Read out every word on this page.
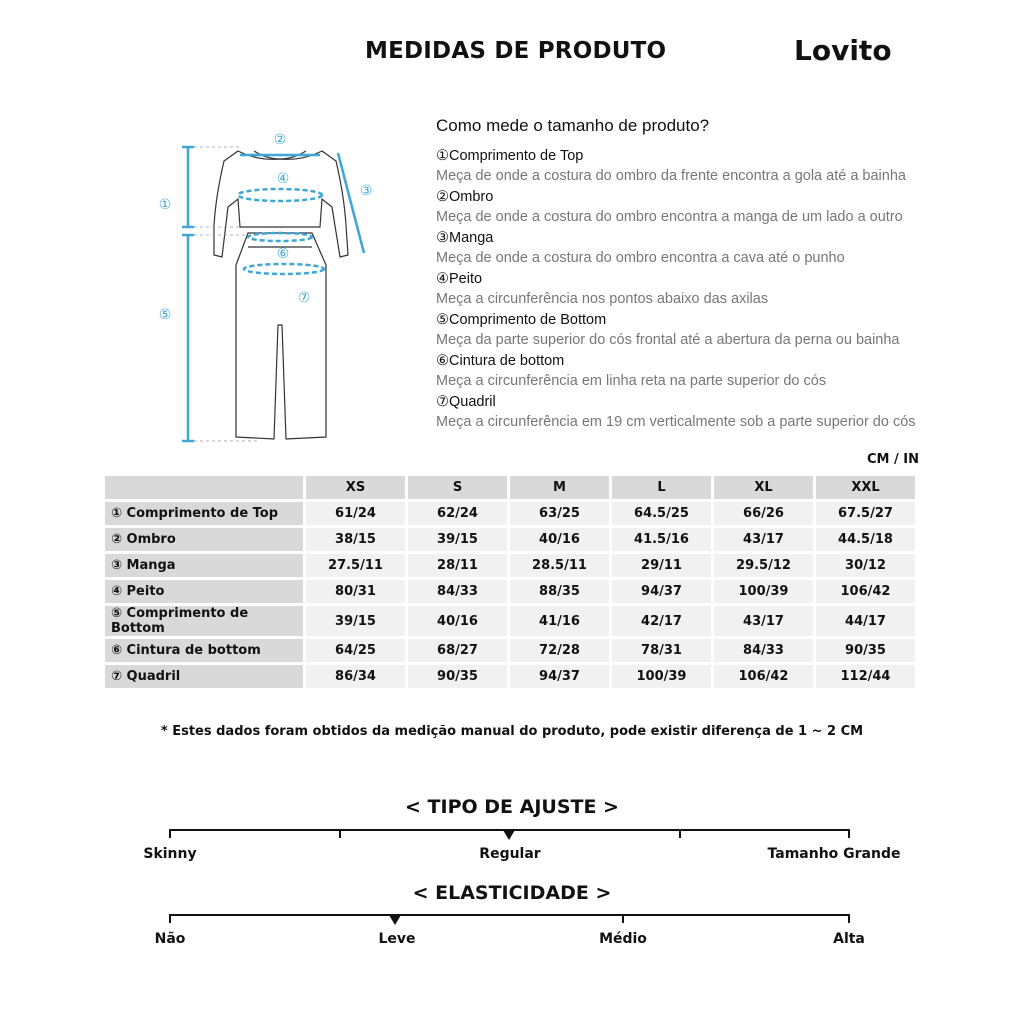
MEDIDAS DE PRODUTO	Lovito
①
②
③
④
⑤
⑥
⑦
Como mede o tamanho de produto?
①Comprimento de Top
Meça de onde a costura do ombro da frente encontra a gola até a bainha
②Ombro
Meça de onde a costura do ombro encontra a manga de um lado a outro
③Manga
Meça de onde a costura do ombro encontra a cava até o punho
④Peito
Meça a circunferência nos pontos abaixo das axilas
⑤Comprimento de Bottom
Meça da parte superior do cós frontal até a abertura da perna ou bainha
⑥Cintura de bottom
Meça a circunferência em linha reta na parte superior do cós
⑦Quadril
Meça a circunferência em 19 cm verticalmente sob a parte superior do cós
CM / IN
	XS	S	M	L	XL	XXL
① Comprimento de Top	61/24	62/24	63/25	64.5/25	66/26	67.5/27
② Ombro	38/15	39/15	40/16	41.5/16	43/17	44.5/18
③ Manga	27.5/11	28/11	28.5/11	29/11	29.5/12	30/12
④ Peito	80/31	84/33	88/35	94/37	100/39	106/42
⑤ Comprimento de Bottom	39/15	40/16	41/16	42/17	43/17	44/17
⑥ Cintura de bottom	64/25	68/27	72/28	78/31	84/33	90/35
⑦ Quadril	86/34	90/35	94/37	100/39	106/42	112/44
* Estes dados foram obtidos da medição manual do produto, pode existir diferença de 1 ~ 2 CM
< TIPO DE AJUSTE >
Skinny	Regular	Tamanho Grande
< ELASTICIDADE >
Não	Leve	Médio	Alta
